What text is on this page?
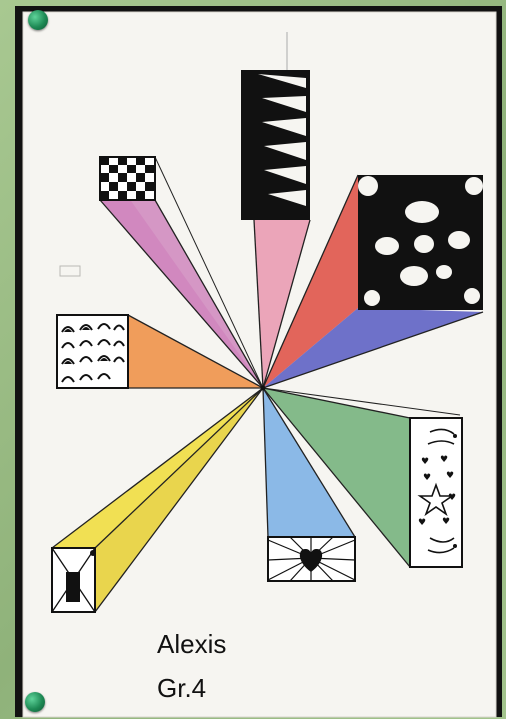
♥ ♥
♥ ♥
♥
♥ ♥
Alexis
Gr.4
